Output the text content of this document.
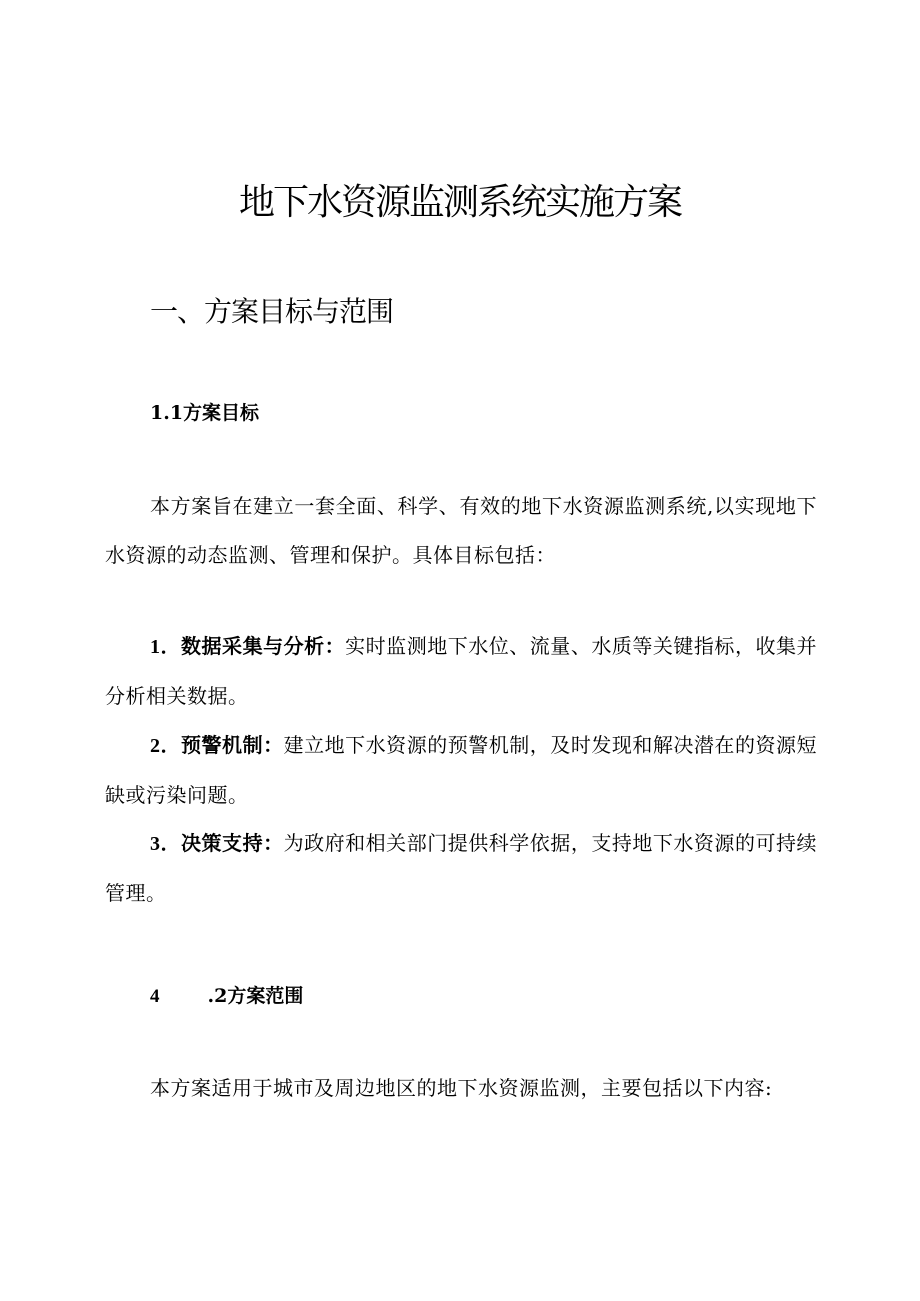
地下水资源监测系统实施方案
一、方案目标与范围
1.1方案目标

本方案旨在建立一套全面、科学、有效的地下水资源监测系统,以实现地下水资源的动态监测、管理和保护。具体目标包括：

1．数据采集与分析：实时监测地下水位、流量、水质等关键指标，收集并分析相关数据。

2．预警机制：建立地下水资源的预警机制，及时发现和解决潜在的资源短缺或污染问题。

3．决策支持：为政府和相关部门提供科学依据，支持地下水资源的可持续管理。

4	.2方案范围

本方案适用于城市及周边地区的地下水资源监测，主要包括以下内容:
